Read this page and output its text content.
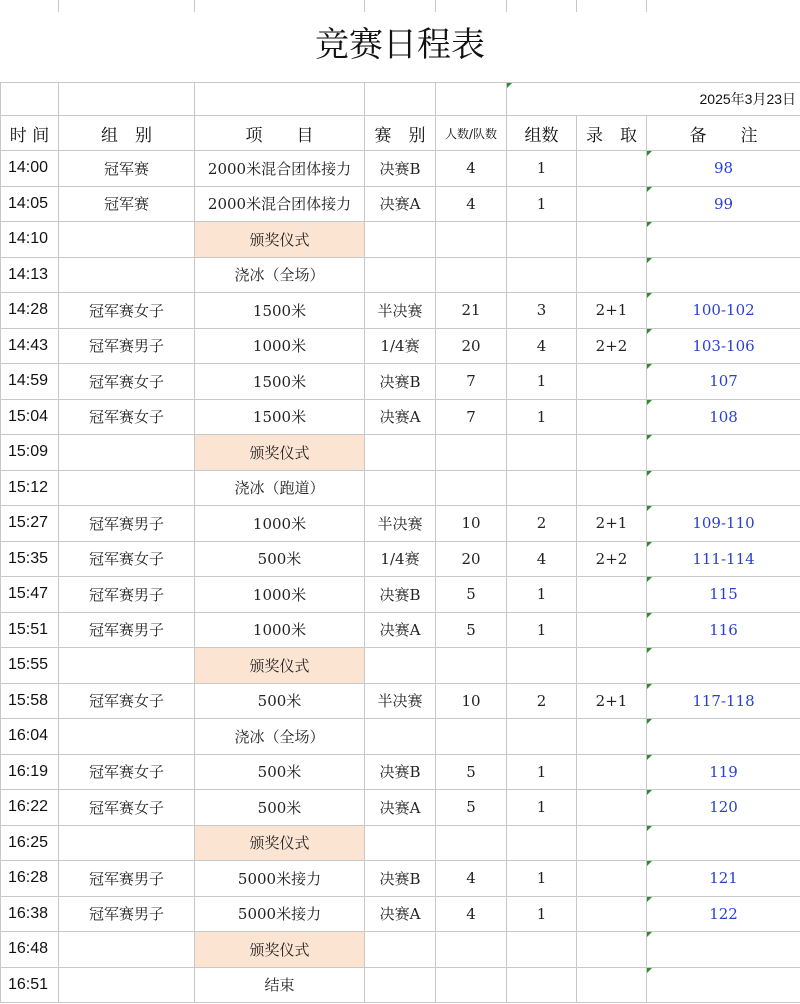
竞赛日程表
					2025年3月23日		
时 间	组　别	项　　目	赛　别	人数/队数	组数	录　取	备　　注
14:00	冠军赛	2000米混合团体接力	决赛B	4	1		98
14:05	冠军赛	2000米混合团体接力	决赛A	4	1		99
14:10		颁奖仪式					
14:13		浇冰（全场）					
14:28	冠军赛女子	1500米	半决赛	21	3	2+1	100-102
14:43	冠军赛男子	1000米	1/4赛	20	4	2+2	103-106
14:59	冠军赛女子	1500米	决赛B	7	1		107
15:04	冠军赛女子	1500米	决赛A	7	1		108
15:09		颁奖仪式					
15:12		浇冰（跑道）					
15:27	冠军赛男子	1000米	半决赛	10	2	2+1	109-110
15:35	冠军赛女子	500米	1/4赛	20	4	2+2	111-114
15:47	冠军赛男子	1000米	决赛B	5	1		115
15:51	冠军赛男子	1000米	决赛A	5	1		116
15:55		颁奖仪式					
15:58	冠军赛女子	500米	半决赛	10	2	2+1	117-118
16:04		浇冰（全场）					
16:19	冠军赛女子	500米	决赛B	5	1		119
16:22	冠军赛女子	500米	决赛A	5	1		120
16:25		颁奖仪式					
16:28	冠军赛男子	5000米接力	决赛B	4	1		121
16:38	冠军赛男子	5000米接力	决赛A	4	1		122
16:48		颁奖仪式					
16:51		结束					
